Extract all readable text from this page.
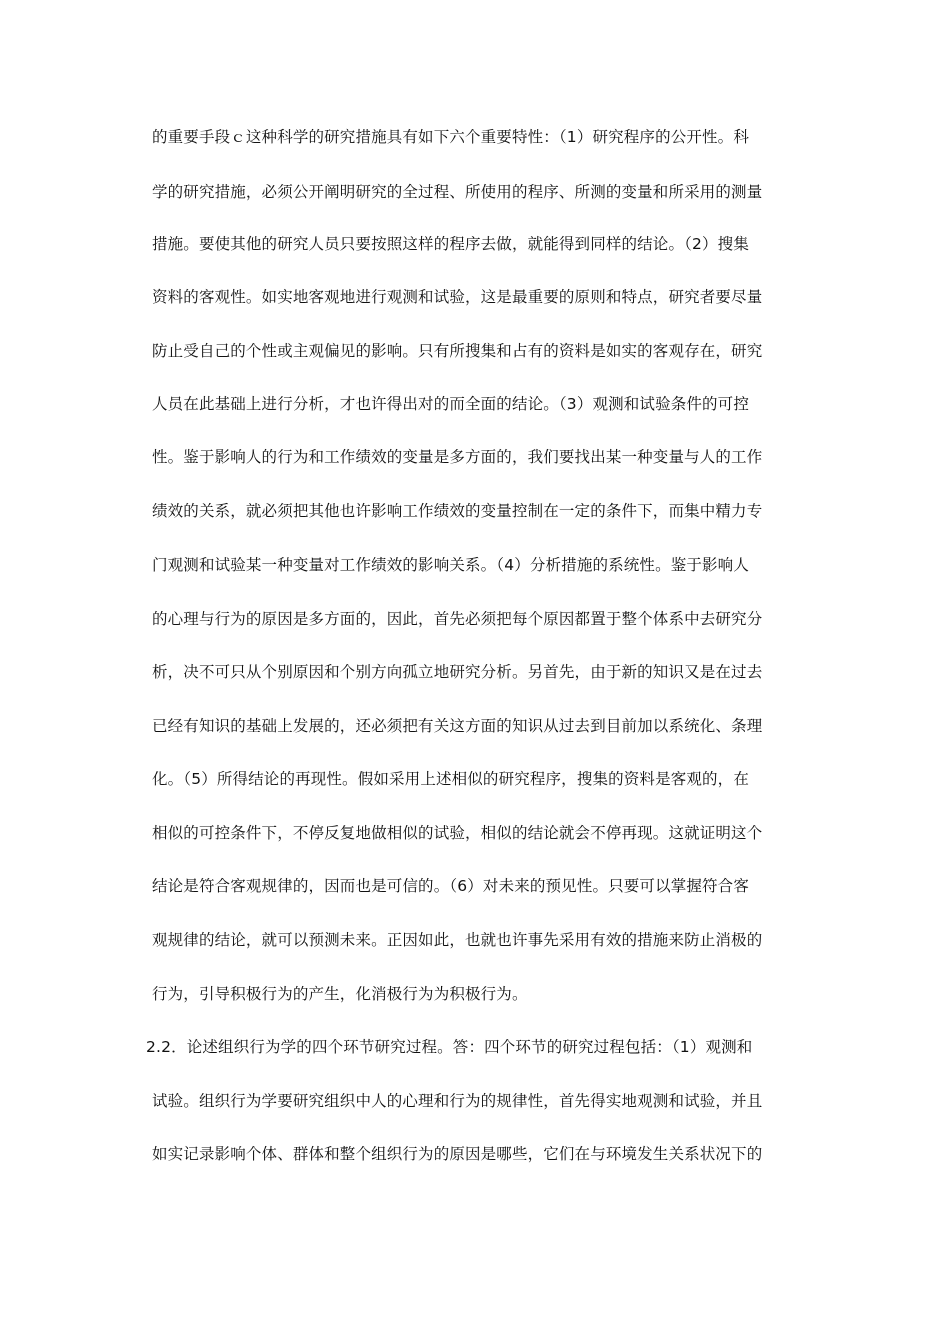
的重要手段ｃ这种科学的研究措施具有如下六个重要特性：（1）研究程序的公开性。科
学的研究措施，必须公开阐明研究的全过程、所使用的程序、所测的变量和所采用的测量
措施。要使其他的研究人员只要按照这样的程序去做，就能得到同样的结论。（2）搜集
资料的客观性。如实地客观地进行观测和试验，这是最重要的原则和特点，研究者要尽量
防止受自己的个性或主观偏见的影响。只有所搜集和占有的资料是如实的客观存在，研究
人员在此基础上进行分析，才也许得出对的而全面的结论。（3）观测和试验条件的可控
性。鉴于影响人的行为和工作绩效的变量是多方面的，我们要找出某一种变量与人的工作
绩效的关系，就必须把其他也许影响工作绩效的变量控制在一定的条件下，而集中精力专
门观测和试验某一种变量对工作绩效的影响关系。（4）分析措施的系统性。鉴于影响人
的心理与行为的原因是多方面的，因此，首先必须把每个原因都置于整个体系中去研究分
析，决不可只从个别原因和个别方向孤立地研究分析。另首先，由于新的知识又是在过去
已经有知识的基础上发展的，还必须把有关这方面的知识从过去到目前加以系统化、条理
化。（5）所得结论的再现性。假如采用上述相似的研究程序，搜集的资料是客观的，在
相似的可控条件下，不停反复地做相似的试验，相似的结论就会不停再现。这就证明这个
结论是符合客观规律的，因而也是可信的。（6）对未来的预见性。只要可以掌握符合客
观规律的结论，就可以预测未来。正因如此，也就也许事先采用有效的措施来防止消极的
行为，引导积极行为的产生，化消极行为为积极行为。
2.2．论述组织行为学的四个环节研究过程。答：四个环节的研究过程包括：（1）观测和
试验。组织行为学要研究组织中人的心理和行为的规律性，首先得实地观测和试验，并且
如实记录影响个体、群体和整个组织行为的原因是哪些，它们在与环境发生关系状况下的
